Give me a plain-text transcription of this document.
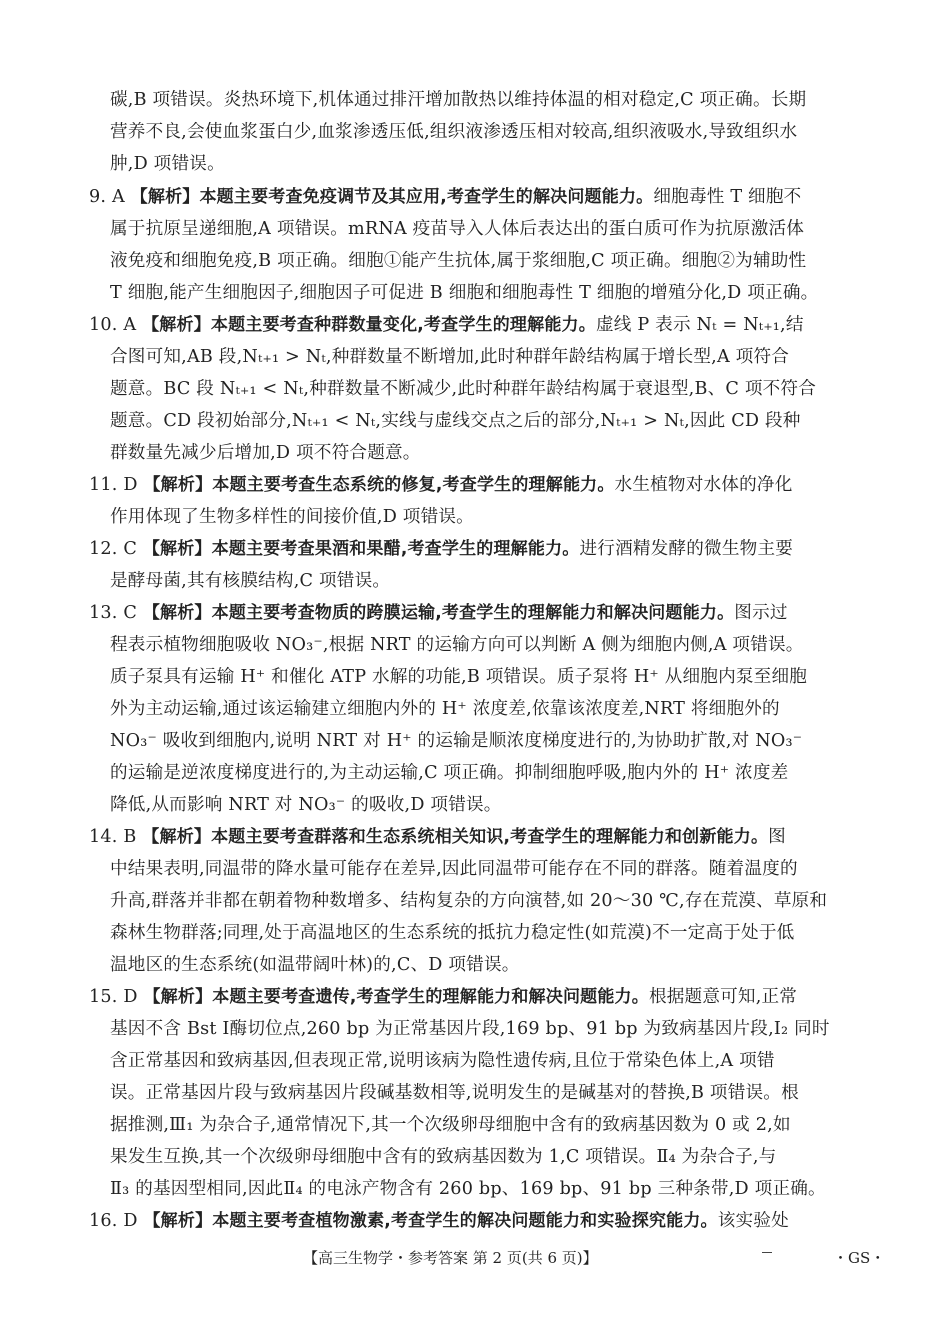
碳,B 项错误。炎热环境下,机体通过排汗增加散热以维持体温的相对稳定,C 项正确。长期
营养不良,会使血浆蛋白少,血浆渗透压低,组织液渗透压相对较高,组织液吸水,导致组织水
肿,D 项错误。
9. A 【解析】本题主要考查免疫调节及其应用,考查学生的解决问题能力。细胞毒性 T 细胞不
属于抗原呈递细胞,A 项错误。mRNA 疫苗导入人体后表达出的蛋白质可作为抗原激活体
液免疫和细胞免疫,B 项正确。细胞①能产生抗体,属于浆细胞,C 项正确。细胞②为辅助性
T 细胞,能产生细胞因子,细胞因子可促进 B 细胞和细胞毒性 T 细胞的增殖分化,D 项正确。
10. A 【解析】本题主要考查种群数量变化,考查学生的理解能力。虚线 P 表示 Nₜ = Nₜ₊₁,结
合图可知,AB 段,Nₜ₊₁ > Nₜ,种群数量不断增加,此时种群年龄结构属于增长型,A 项符合
题意。BC 段 Nₜ₊₁ < Nₜ,种群数量不断减少,此时种群年龄结构属于衰退型,B、C 项不符合
题意。CD 段初始部分,Nₜ₊₁ < Nₜ,实线与虚线交点之后的部分,Nₜ₊₁ > Nₜ,因此 CD 段种
群数量先减少后增加,D 项不符合题意。
11. D 【解析】本题主要考查生态系统的修复,考查学生的理解能力。水生植物对水体的净化
作用体现了生物多样性的间接价值,D 项错误。
12. C 【解析】本题主要考查果酒和果醋,考查学生的理解能力。进行酒精发酵的微生物主要
是酵母菌,其有核膜结构,C 项错误。
13. C 【解析】本题主要考查物质的跨膜运输,考查学生的理解能力和解决问题能力。图示过
程表示植物细胞吸收 NO₃⁻,根据 NRT 的运输方向可以判断 A 侧为细胞内侧,A 项错误。
质子泵具有运输 H⁺ 和催化 ATP 水解的功能,B 项错误。质子泵将 H⁺ 从细胞内泵至细胞
外为主动运输,通过该运输建立细胞内外的 H⁺ 浓度差,依靠该浓度差,NRT 将细胞外的
NO₃⁻ 吸收到细胞内,说明 NRT 对 H⁺ 的运输是顺浓度梯度进行的,为协助扩散,对 NO₃⁻
的运输是逆浓度梯度进行的,为主动运输,C 项正确。抑制细胞呼吸,胞内外的 H⁺ 浓度差
降低,从而影响 NRT 对 NO₃⁻ 的吸收,D 项错误。
14. B 【解析】本题主要考查群落和生态系统相关知识,考查学生的理解能力和创新能力。图
中结果表明,同温带的降水量可能存在差异,因此同温带可能存在不同的群落。随着温度的
升高,群落并非都在朝着物种数增多、结构复杂的方向演替,如 20～30 ℃,存在荒漠、草原和
森林生物群落;同理,处于高温地区的生态系统的抵抗力稳定性(如荒漠)不一定高于处于低
温地区的生态系统(如温带阔叶林)的,C、D 项错误。
15. D 【解析】本题主要考查遗传,考查学生的理解能力和解决问题能力。根据题意可知,正常
基因不含 Bst Ⅰ酶切位点,260 bp 为正常基因片段,169 bp、91 bp 为致病基因片段,Ⅰ₂ 同时
含正常基因和致病基因,但表现正常,说明该病为隐性遗传病,且位于常染色体上,A 项错
误。正常基因片段与致病基因片段碱基数相等,说明发生的是碱基对的替换,B 项错误。根
据推测,Ⅲ₁ 为杂合子,通常情况下,其一个次级卵母细胞中含有的致病基因数为 0 或 2,如
果发生互换,其一个次级卵母细胞中含有的致病基因数为 1,C 项错误。Ⅱ₄ 为杂合子,与
Ⅱ₃ 的基因型相同,因此Ⅱ₄ 的电泳产物含有 260 bp、169 bp、91 bp 三种条带,D 项正确。
16. D 【解析】本题主要考查植物激素,考查学生的解决问题能力和实验探究能力。该实验处
【高三生物学・参考答案 第 2 页(共 6 页)】	・GS・
